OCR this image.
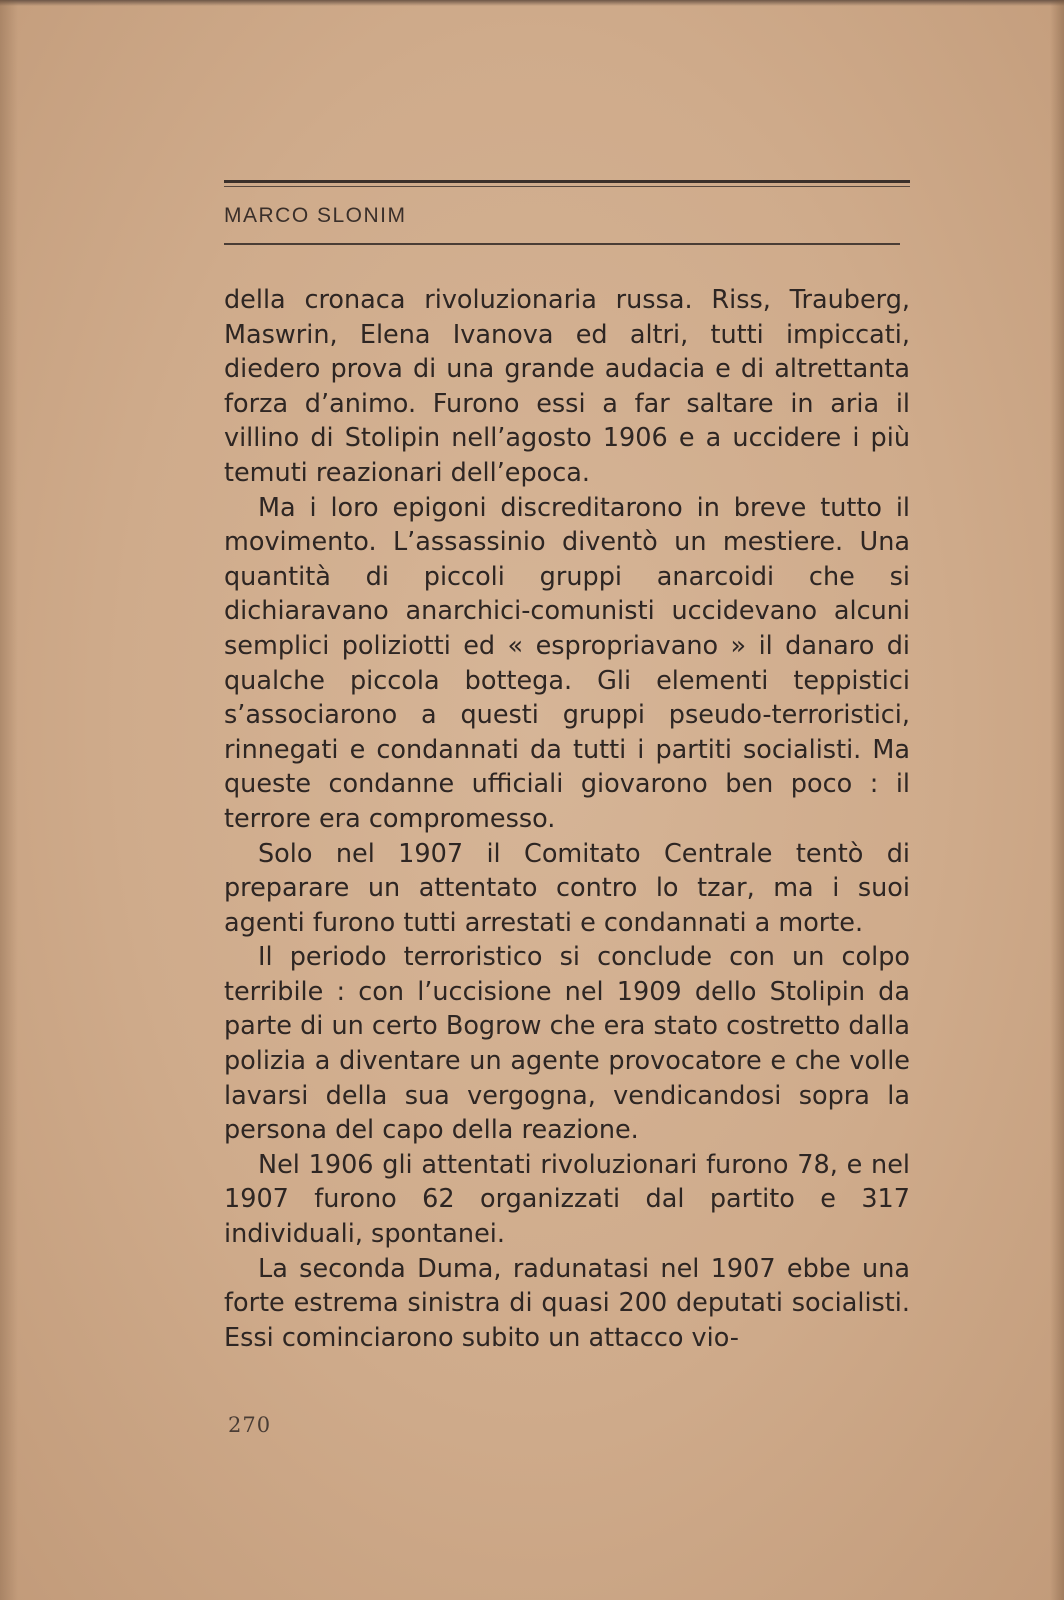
MARCO SLONIM

della cronaca rivoluzionaria russa. Riss, Trauberg, Maswrin, Elena Ivanova ed altri, tutti impiccati, diedero prova di una grande audacia e di altrettanta forza d’animo. Furono essi a far saltare in aria il villino di Stolipin nell’agosto 1906 e a uccidere i più temuti reazionari dell’epoca.

Ma i loro epigoni discreditarono in breve tutto il movimento. L’assassinio diventò un mestiere. Una quantità di piccoli gruppi anarcoidi che si dichiaravano anarchici-comunisti uccidevano alcuni semplici poliziotti ed « espropriavano » il danaro di qualche piccola bottega. Gli elementi teppistici s’associarono a questi gruppi pseudo-terroristici, rinnegati e condannati da tutti i partiti socialisti. Ma queste condanne ufficiali giovarono ben poco : il terrore era compromesso.

Solo nel 1907 il Comitato Centrale tentò di preparare un attentato contro lo tzar, ma i suoi agenti furono tutti arrestati e condannati a morte.

Il periodo terroristico si conclude con un colpo terribile : con l’uccisione nel 1909 dello Stolipin da parte di un certo Bogrow che era stato costretto dalla polizia a diventare un agente provocatore e che volle lavarsi della sua vergogna, vendicandosi sopra la persona del capo della reazione.

Nel 1906 gli attentati rivoluzionari furono 78, e nel 1907 furono 62 organizzati dal partito e 317 individuali, spontanei.

La seconda Duma, radunatasi nel 1907 ebbe una forte estrema sinistra di quasi 200 deputati socialisti. Essi cominciarono subito un attacco vio-

270
